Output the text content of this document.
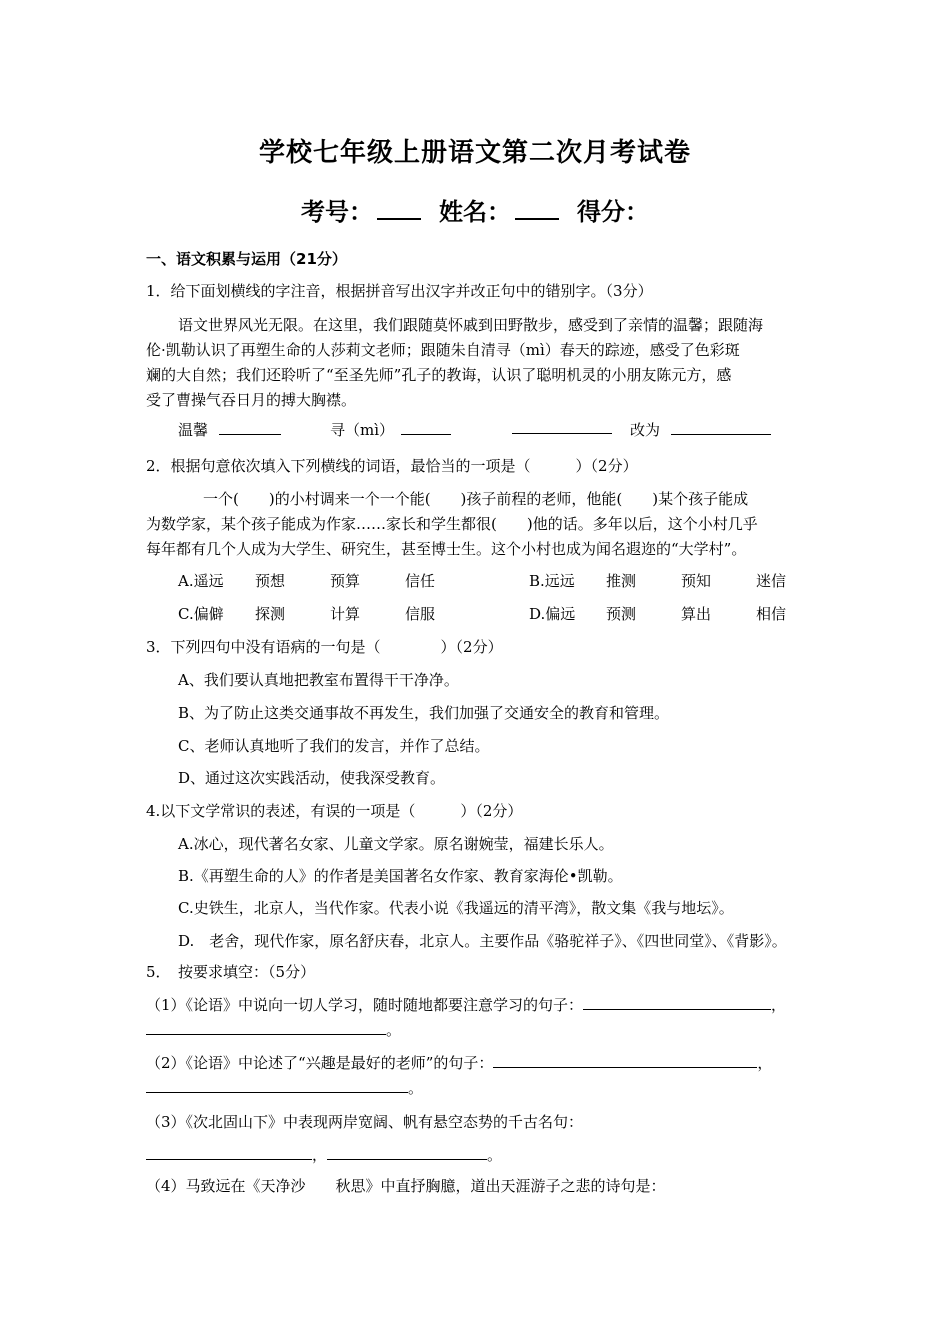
学校七年级上册语文第二次月考试卷
考号：	姓名：	得分：
一、语文积累与运用（21分）
1．给下面划横线的字注音，根据拼音写出汉字并改正句中的错别字。（3分）
语文世界风光无限。在这里，我们跟随莫怀戚到田野散步，感受到了亲情的温馨；跟随海
伦·凯勒认识了再塑生命的人莎莉文老师；跟随朱自清寻（mì）春天的踪迹，感受了色彩斑
斓的大自然；我们还聆听了“至圣先师”孔子的教诲，认识了聪明机灵的小朋友陈元方，感
受了曹操气吞日月的搏大胸襟。
温馨	寻（mì）	改为
2．根据句意依次填入下列横线的词语，最恰当的一项是（　　　）（2分）
一个(　　)的小村调来一个一个能(　　)孩子前程的老师，他能(　　)某个孩子能成
为数学家，某个孩子能成为作家……家长和学生都很(　　)他的话。多年以后，这个小村几乎
每年都有几个人成为大学生、研究生，甚至博士生。这个小村也成为闻名遐迩的“大学村”。
A.遥远 预想	预算	信任	B.远远 推测	预知	迷信
C.偏僻 探测	计算	信服	D.偏远 预测	算出	相信
3．下列四句中没有语病的一句是（　　　　）（2分）
A、我们要认真地把教室布置得干干净净。
B、为了防止这类交通事故不再发生，我们加强了交通安全的教育和管理。
C、老师认真地听了我们的发言，并作了总结。
D、通过这次实践活动，使我深受教育。
4.以下文学常识的表述，有误的一项是（　　　）（2分）
A.冰心，现代著名女家、儿童文学家。原名谢婉莹，福建长乐人。
B.《再塑生命的人》的作者是美国著名女作家、教育家海伦•凯勒。
C.史铁生，北京人，当代作家。代表小说《我遥远的清平湾》，散文集《我与地坛》。
D.　老舍，现代作家，原名舒庆春，北京人。主要作品《骆驼祥子》、《四世同堂》、《背影》。
5．　按要求填空：（5分）
（1）《论语》中说向一切人学习，随时随地都要注意学习的句子：	，
。
（2）《论语》中论述了“兴趣是最好的老师”的句子：	，
。
（3）《次北固山下》中表现两岸宽阔、帆有悬空态势的千古名句：
，	。
（4）马致远在《天净沙　　秋思》中直抒胸臆，道出天涯游子之悲的诗句是：
